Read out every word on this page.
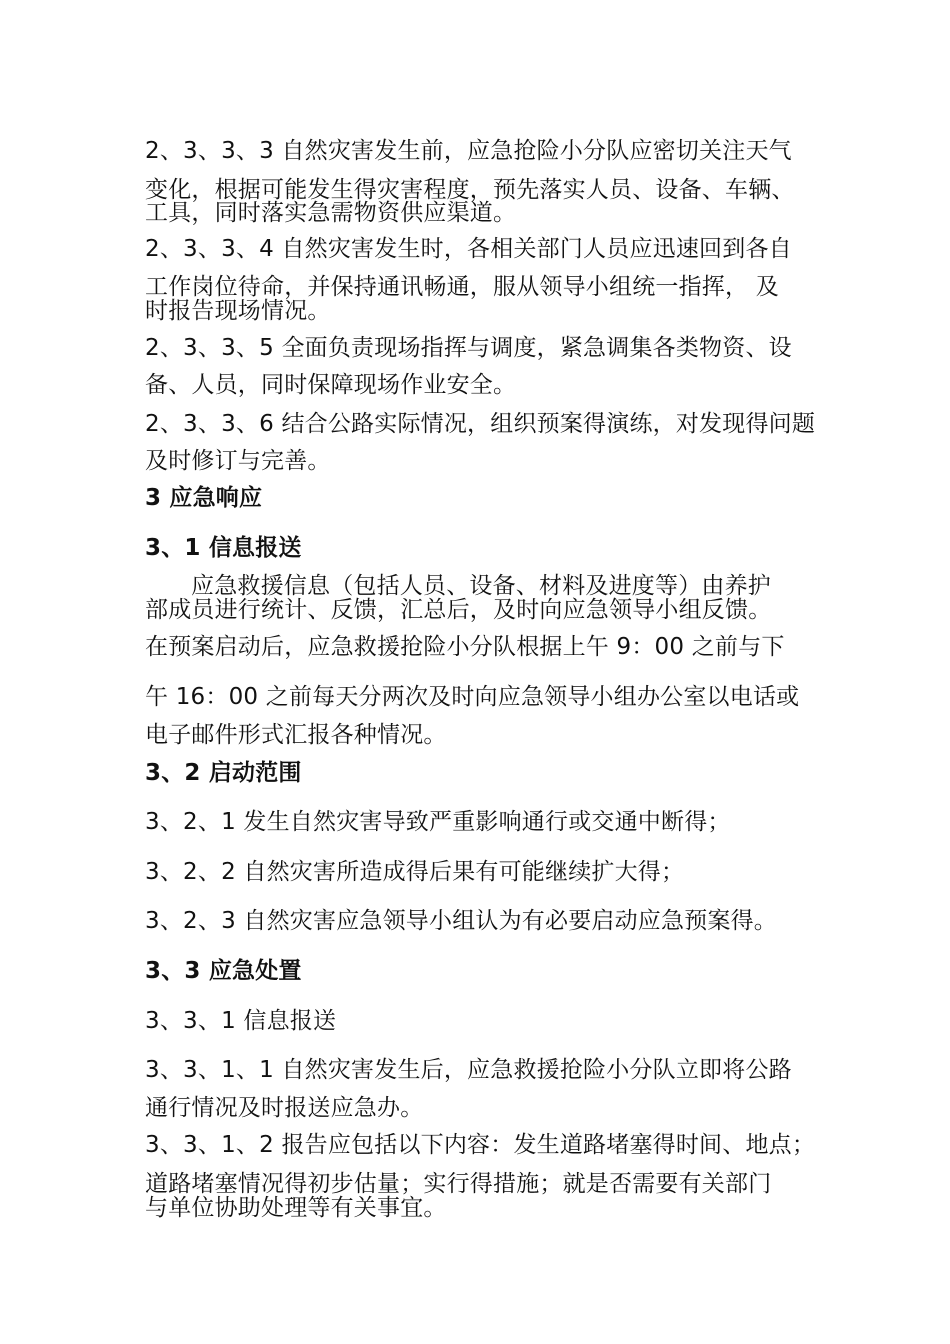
2、3、3、3 自然灾害发生前，应急抢险小分队应密切关注天气
变化，根据可能发生得灾害程度，预先落实人员、设备、车辆、
工具，同时落实急需物资供应渠道。
2、3、3、4 自然灾害发生时，各相关部门人员应迅速回到各自
工作岗位待命，并保持通讯畅通，服从领导小组统一指挥， 及
时报告现场情况。
2、3、3、5 全面负责现场指挥与调度，紧急调集各类物资、设
备、人员，同时保障现场作业安全。
2、3、3、6 结合公路实际情况，组织预案得演练，对发现得问题
及时修订与完善。
3 应急响应
3、1 信息报送
应急救援信息（包括人员、设备、材料及进度等）由养护
部成员进行统计、反馈，汇总后，及时向应急领导小组反馈。
在预案启动后，应急救援抢险小分队根据上午 9：00 之前与下
午 16：00 之前每天分两次及时向应急领导小组办公室以电话或
电子邮件形式汇报各种情况。
3、2 启动范围
3、2、1 发生自然灾害导致严重影响通行或交通中断得；
3、2、2 自然灾害所造成得后果有可能继续扩大得；
3、2、3 自然灾害应急领导小组认为有必要启动应急预案得。
3、3 应急处置
3、3、1 信息报送
3、3、1、1 自然灾害发生后，应急救援抢险小分队立即将公路
通行情况及时报送应急办。
3、3、1、2 报告应包括以下内容：发生道路堵塞得时间、地点；
道路堵塞情况得初步估量；实行得措施；就是否需要有关部门
与单位协助处理等有关事宜。
